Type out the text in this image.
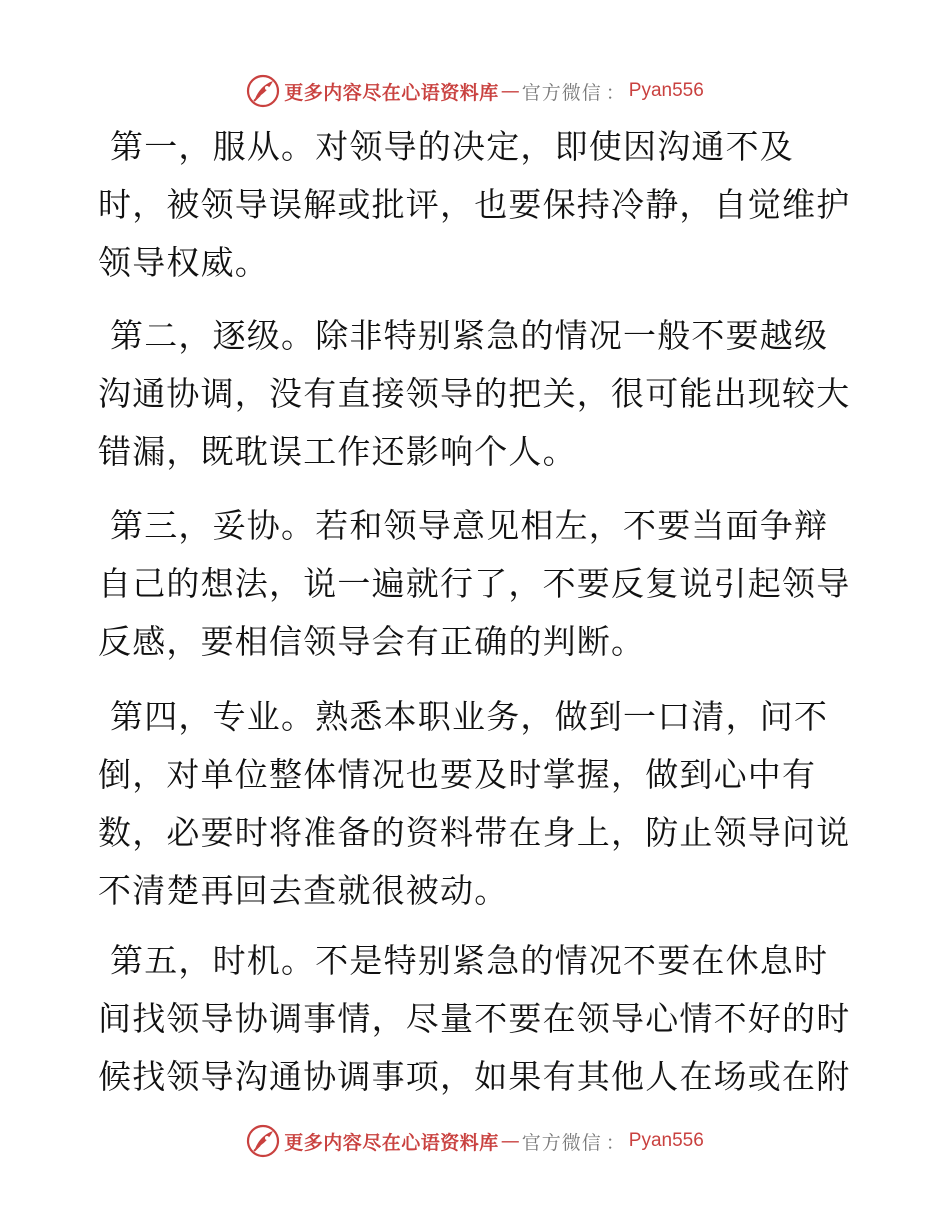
更多内容尽在心语资料库 — 官方微信 ： Pyan556

第一，服从。对领导的决定，即使因沟通不及
时，被领导误解或批评，也要保持冷静，自觉维护
领导权威。

第二，逐级。除非特别紧急的情况一般不要越级
沟通协调，没有直接领导的把关，很可能出现较大
错漏，既耽误工作还影响个人。

第三，妥协。若和领导意见相左，不要当面争辩
自己的想法，说一遍就行了，不要反复说引起领导
反感，要相信领导会有正确的判断。

第四，专业。熟悉本职业务，做到一口清，问不
倒，对单位整体情况也要及时掌握，做到心中有
数，必要时将准备的资料带在身上，防止领导问说
不清楚再回去查就很被动。

第五，时机。不是特别紧急的情况不要在休息时
间找领导协调事情，尽量不要在领导心情不好的时
候找领导沟通协调事项，如果有其他人在场或在附

更多内容尽在心语资料库 — 官方微信 ： Pyan556
